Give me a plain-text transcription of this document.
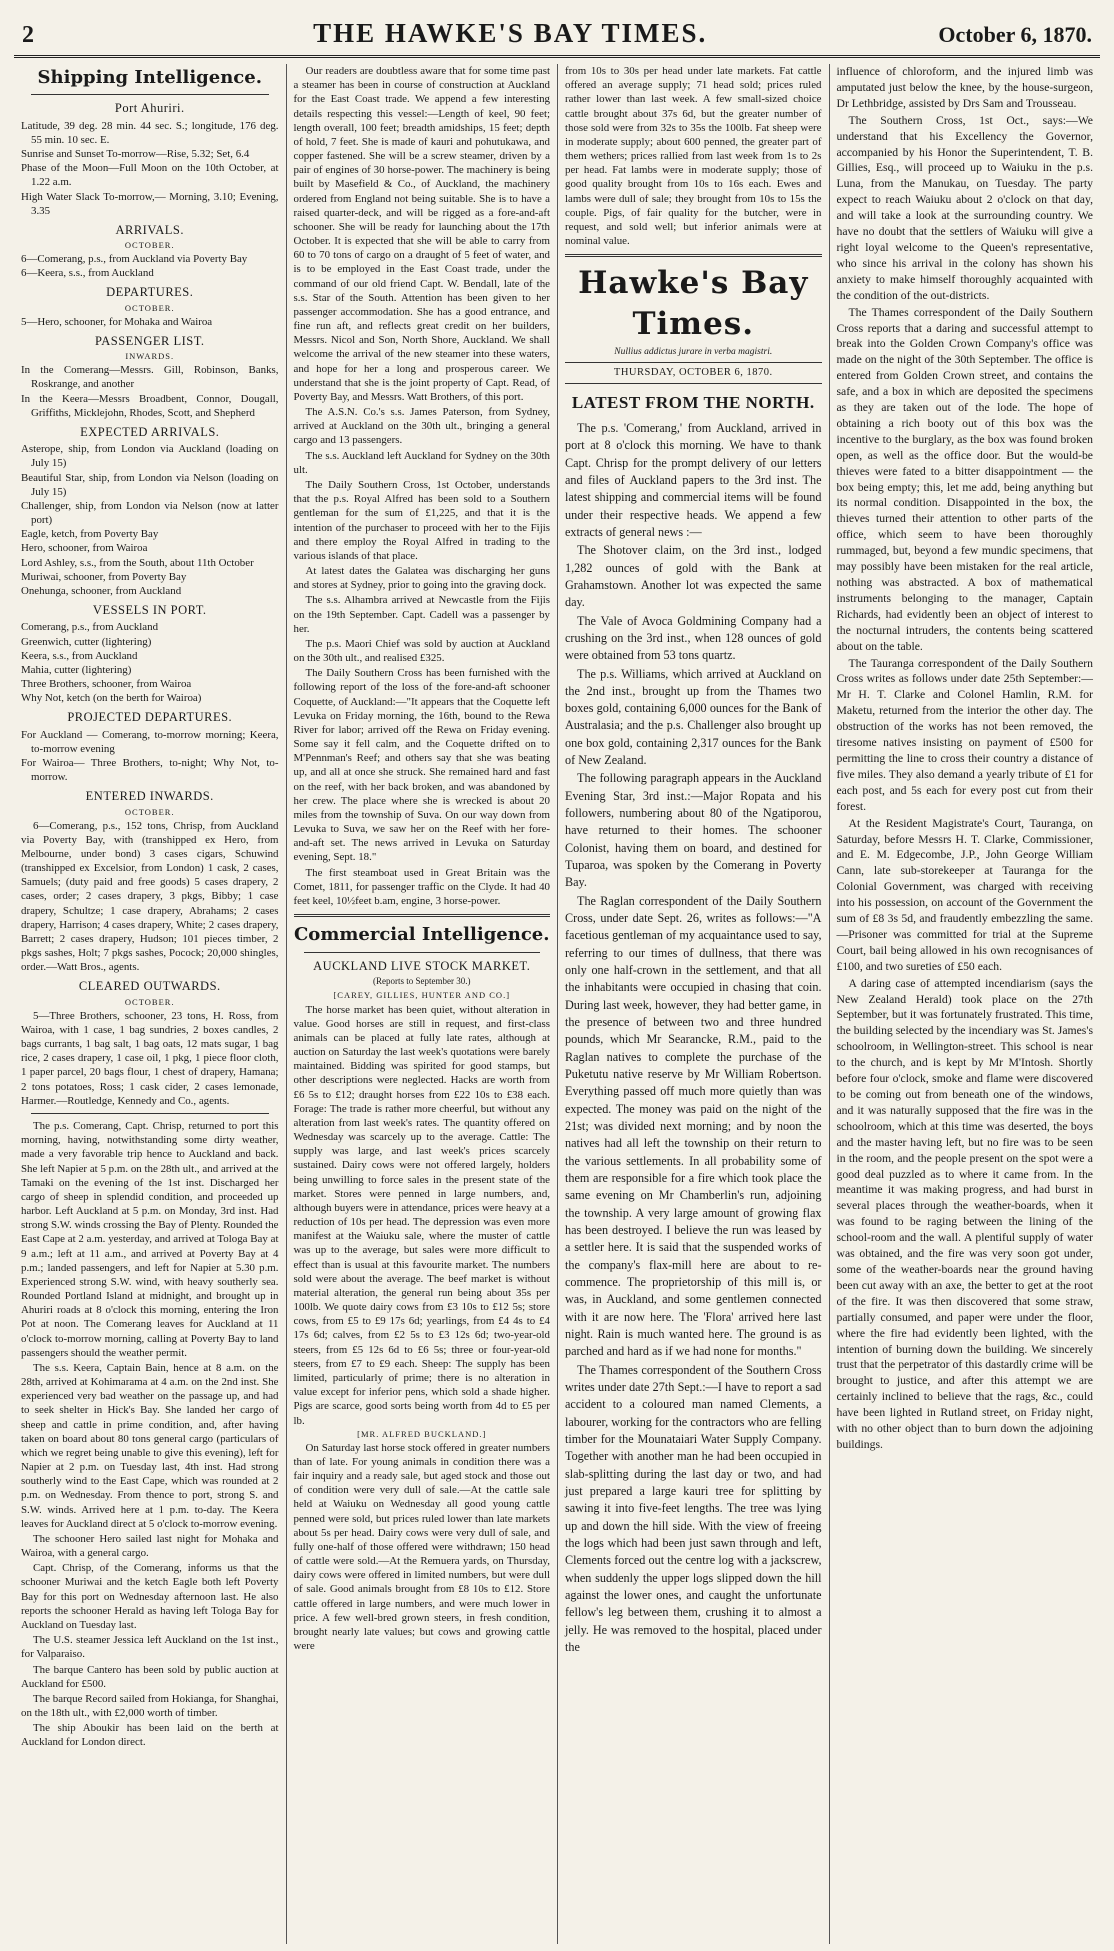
2	THE HAWKE'S BAY TIMES.	October 6, 1870.
Shipping Intelligence.
Port Ahuriri.
Latitude, 39 deg. 28 min. 44 sec. S.; longitude, 176 deg. 55 min. 10 sec. E.
Sunrise and Sunset To-morrow—Rise, 5.32; Set, 6.4
Phase of the Moon—Full Moon on the 10th October, at 1.22 a.m.
High Water Slack To-morrow,— Morning, 3.10; Evening, 3.35
ARRIVALS.
OCTOBER.
6—Comerang, p.s., from Auckland via Poverty Bay
6—Keera, s.s., from Auckland
DEPARTURES.
OCTOBER.
5—Hero, schooner, for Mohaka and Wairoa
PASSENGER LIST.
INWARDS.
In the Comerang—Messrs. Gill, Robinson, Banks, Roskrange, and another
In the Keera—Messrs Broadbent, Connor, Dougall, Griffiths, Micklejohn, Rhodes, Scott, and Shepherd
EXPECTED ARRIVALS.
Asterope, ship, from London via Auckland (loading on July 15)
Beautiful Star, ship, from London via Nelson (loading on July 15)
Challenger, ship, from London via Nelson (now at latter port)
Eagle, ketch, from Poverty Bay
Hero, schooner, from Wairoa
Lord Ashley, s.s., from the South, about 11th October
Muriwai, schooner, from Poverty Bay
Onehunga, schooner, from Auckland
VESSELS IN PORT.
Comerang, p.s., from Auckland
Greenwich, cutter (lightering)
Keera, s.s., from Auckland
Mahia, cutter (lightering)
Three Brothers, schooner, from Wairoa
Why Not, ketch (on the berth for Wairoa)
PROJECTED DEPARTURES.
For Auckland — Comerang, to-morrow morning; Keera, to-morrow evening
For Wairoa— Three Brothers, to-night; Why Not, to-morrow.
ENTERED INWARDS.
OCTOBER.

6—Comerang, p.s., 152 tons, Chrisp, from Auckland via Poverty Bay, with (transhipped ex Hero, from Melbourne, under bond) 3 cases cigars, Schuwind (transhipped ex Excelsior, from London) 1 cask, 2 cases, Samuels; (duty paid and free goods) 5 cases drapery, 2 cases, order; 2 cases drapery, 3 pkgs, Bibby; 1 case drapery, Schultze; 1 case drapery, Abrahams; 2 cases drapery, Harrison; 4 cases drapery, White; 2 cases drapery, Barrett; 2 cases drapery, Hudson; 101 pieces timber, 2 pkgs sashes, Holt; 7 pkgs sashes, Pocock; 20,000 shingles, order.—Watt Bros., agents.

CLEARED OUTWARDS.
OCTOBER.

5—Three Brothers, schooner, 23 tons, H. Ross, from Wairoa, with 1 case, 1 bag sundries, 2 boxes candles, 2 bags currants, 1 bag salt, 1 bag oats, 12 mats sugar, 1 bag rice, 2 cases drapery, 1 case oil, 1 pkg, 1 piece floor cloth, 1 paper parcel, 20 bags flour, 1 chest of drapery, Hamana; 2 tons potatoes, Ross; 1 cask cider, 2 cases lemonade, Harmer.—Routledge, Kennedy and Co., agents.

The p.s. Comerang, Capt. Chrisp, returned to port this morning, having, notwithstanding some dirty weather, made a very favorable trip hence to Auckland and back. She left Napier at 5 p.m. on the 28th ult., and arrived at the Tamaki on the evening of the 1st inst. Discharged her cargo of sheep in splendid condition, and proceeded up harbor. Left Auckland at 5 p.m. on Monday, 3rd inst. Had strong S.W. winds crossing the Bay of Plenty. Rounded the East Cape at 2 a.m. yesterday, and arrived at Tologa Bay at 9 a.m.; left at 11 a.m., and arrived at Poverty Bay at 4 p.m.; landed passengers, and left for Napier at 5.30 p.m. Experienced strong S.W. wind, with heavy southerly sea. Rounded Portland Island at midnight, and brought up in Ahuriri roads at 8 o'clock this morning, entering the Iron Pot at noon. The Comerang leaves for Auckland at 11 o'clock to-morrow morning, calling at Poverty Bay to land passengers should the weather permit.

The s.s. Keera, Captain Bain, hence at 8 a.m. on the 28th, arrived at Kohimarama at 4 a.m. on the 2nd inst. She experienced very bad weather on the passage up, and had to seek shelter in Hick's Bay. She landed her cargo of sheep and cattle in prime condition, and, after having taken on board about 80 tons general cargo (particulars of which we regret being unable to give this evening), left for Napier at 2 p.m. on Tuesday last, 4th inst. Had strong southerly wind to the East Cape, which was rounded at 2 p.m. on Wednesday. From thence to port, strong S. and S.W. winds. Arrived here at 1 p.m. to-day. The Keera leaves for Auckland direct at 5 o'clock to-morrow evening.

The schooner Hero sailed last night for Mohaka and Wairoa, with a general cargo.

Capt. Chrisp, of the Comerang, informs us that the schooner Muriwai and the ketch Eagle both left Poverty Bay for this port on Wednesday afternoon last. He also reports the schooner Herald as having left Tologa Bay for Auckland on Tuesday last.

The U.S. steamer Jessica left Auckland on the 1st inst., for Valparaiso.

The barque Cantero has been sold by public auction at Auckland for £500.

The barque Record sailed from Hokianga, for Shanghai, on the 18th ult., with £2,000 worth of timber.

The ship Aboukir has been laid on the berth at Auckland for London direct.

Our readers are doubtless aware that for some time past a steamer has been in course of construction at Auckland for the East Coast trade. We append a few interesting details respecting this vessel:—Length of keel, 90 feet; length overall, 100 feet; breadth amidships, 15 feet; depth of hold, 7 feet. She is made of kauri and pohutukawa, and copper fastened. She will be a screw steamer, driven by a pair of engines of 30 horse-power. The machinery is being built by Masefield & Co., of Auckland, the machinery ordered from England not being suitable. She is to have a raised quarter-deck, and will be rigged as a fore-and-aft schooner. She will be ready for launching about the 17th October. It is expected that she will be able to carry from 60 to 70 tons of cargo on a draught of 5 feet of water, and is to be employed in the East Coast trade, under the command of our old friend Capt. W. Bendall, late of the s.s. Star of the South. Attention has been given to her passenger accommodation. She has a good entrance, and fine run aft, and reflects great credit on her builders, Messrs. Nicol and Son, North Shore, Auckland. We shall welcome the arrival of the new steamer into these waters, and hope for her a long and prosperous career. We understand that she is the joint property of Capt. Read, of Poverty Bay, and Messrs. Watt Brothers, of this port.

The A.S.N. Co.'s s.s. James Paterson, from Sydney, arrived at Auckland on the 30th ult., bringing a general cargo and 13 passengers.

The s.s. Auckland left Auckland for Sydney on the 30th ult.

The Daily Southern Cross, 1st October, understands that the p.s. Royal Alfred has been sold to a Southern gentleman for the sum of £1,225, and that it is the intention of the purchaser to proceed with her to the Fijis and there employ the Royal Alfred in trading to the various islands of that place.

At latest dates the Galatea was discharging her guns and stores at Sydney, prior to going into the graving dock.

The s.s. Alhambra arrived at Newcastle from the Fijis on the 19th September. Capt. Cadell was a passenger by her.

The p.s. Maori Chief was sold by auction at Auckland on the 30th ult., and realised £325.

The Daily Southern Cross has been furnished with the following report of the loss of the fore-and-aft schooner Coquette, of Auckland:—"It appears that the Coquette left Levuka on Friday morning, the 16th, bound to the Rewa River for labor; arrived off the Rewa on Friday evening. Some say it fell calm, and the Coquette drifted on to M'Pennman's Reef; and others say that she was beating up, and all at once she struck. She remained hard and fast on the reef, with her back broken, and was abandoned by her crew. The place where she is wrecked is about 20 miles from the township of Suva. On our way down from Levuka to Suva, we saw her on the Reef with her fore-and-aft set. The news arrived in Levuka on Saturday evening, Sept. 18."

The first steamboat used in Great Britain was the Comet, 1811, for passenger traffic on the Clyde. It had 40 feet keel, 10½feet b.am, engine, 3 horse-power.

Commercial Intelligence.
AUCKLAND LIVE STOCK MARKET.
(Reports to September 30.)
[CAREY, GILLIES, HUNTER AND CO.]

The horse market has been quiet, without alteration in value. Good horses are still in request, and first-class animals can be placed at fully late rates, although at auction on Saturday the last week's quotations were barely maintained. Bidding was spirited for good stamps, but other descriptions were neglected. Hacks are worth from £6 5s to £12; draught horses from £22 10s to £38 each. Forage: The trade is rather more cheerful, but without any alteration from last week's rates. The quantity offered on Wednesday was scarcely up to the average. Cattle: The supply was large, and last week's prices scarcely sustained. Dairy cows were not offered largely, holders being unwilling to force sales in the present state of the market. Stores were penned in large numbers, and, although buyers were in attendance, prices were heavy at a reduction of 10s per head. The depression was even more manifest at the Waiuku sale, where the muster of cattle was up to the average, but sales were more difficult to effect than is usual at this favourite market. The numbers sold were about the average. The beef market is without material alteration, the general run being about 35s per 100lb. We quote dairy cows from £3 10s to £12 5s; store cows, from £5 to £9 17s 6d; yearlings, from £4 4s to £4 17s 6d; calves, from £2 5s to £3 12s 6d; two-year-old steers, from £5 12s 6d to £6 5s; three or four-year-old steers, from £7 to £9 each. Sheep: The supply has been limited, particularly of prime; there is no alteration in value except for inferior pens, which sold a shade higher. Pigs are scarce, good sorts being worth from 4d to £5 per lb.

[MR. ALFRED BUCKLAND.]

On Saturday last horse stock offered in greater numbers than of late. For young animals in condition there was a fair inquiry and a ready sale, but aged stock and those out of condition were very dull of sale.—At the cattle sale held at Waiuku on Wednesday all good young cattle penned were sold, but prices ruled lower than late markets about 5s per head. Dairy cows were very dull of sale, and fully one-half of those offered were withdrawn; 150 head of cattle were sold.—At the Remuera yards, on Thursday, dairy cows were offered in limited numbers, but were dull of sale. Good animals brought from £8 10s to £12. Store cattle offered in large numbers, and were much lower in price. A few well-bred grown steers, in fresh condition, brought nearly late values; but cows and growing cattle were

from 10s to 30s per head under late markets. Fat cattle offered an average supply; 71 head sold; prices ruled rather lower than last week. A few small-sized choice cattle brought about 37s 6d, but the greater number of those sold were from 32s to 35s the 100lb. Fat sheep were in moderate supply; about 600 penned, the greater part of them wethers; prices rallied from last week from 1s to 2s per head. Fat lambs were in moderate supply; those of good quality brought from 10s to 16s each. Ewes and lambs were dull of sale; they brought from 10s to 15s the couple. Pigs, of fair quality for the butcher, were in request, and sold well; but inferior animals were at nominal value.

Hawke's Bay Times.
Nullius addictus jurare in verba magistri.
THURSDAY, OCTOBER 6, 1870.
LATEST FROM THE NORTH.

The p.s. 'Comerang,' from Auckland, arrived in port at 8 o'clock this morning. We have to thank Capt. Chrisp for the prompt delivery of our letters and files of Auckland papers to the 3rd inst. The latest shipping and commercial items will be found under their respective heads. We append a few extracts of general news :—

The Shotover claim, on the 3rd inst., lodged 1,282 ounces of gold with the Bank at Grahamstown. Another lot was expected the same day.

The Vale of Avoca Goldmining Company had a crushing on the 3rd inst., when 128 ounces of gold were obtained from 53 tons quartz.

The p.s. Williams, which arrived at Auckland on the 2nd inst., brought up from the Thames two boxes gold, containing 6,000 ounces for the Bank of Australasia; and the p.s. Challenger also brought up one box gold, containing 2,317 ounces for the Bank of New Zealand.

The following paragraph appears in the Auckland Evening Star, 3rd inst.:—Major Ropata and his followers, numbering about 80 of the Ngatiporou, have returned to their homes. The schooner Colonist, having them on board, and destined for Tuparoa, was spoken by the Comerang in Poverty Bay.

The Raglan correspondent of the Daily Southern Cross, under date Sept. 26, writes as follows:—"A facetious gentleman of my acquaintance used to say, referring to our times of dullness, that there was only one half-crown in the settlement, and that all the inhabitants were occupied in chasing that coin. During last week, however, they had better game, in the presence of between two and three hundred pounds, which Mr Searancke, R.M., paid to the Raglan natives to complete the purchase of the Puketutu native reserve by Mr William Robertson. Everything passed off much more quietly than was expected. The money was paid on the night of the 21st; was divided next morning; and by noon the natives had all left the township on their return to the various settlements. In all probability some of them are responsible for a fire which took place the same evening on Mr Chamberlin's run, adjoining the township. A very large amount of growing flax has been destroyed. I believe the run was leased by a settler here. It is said that the suspended works of the company's flax-mill here are about to re-commence. The proprietorship of this mill is, or was, in Auckland, and some gentlemen connected with it are now here. The 'Flora' arrived here last night. Rain is much wanted here. The ground is as parched and hard as if we had none for months."

The Thames correspondent of the Southern Cross writes under date 27th Sept.:—I have to report a sad accident to a coloured man named Clements, a labourer, working for the contractors who are felling timber for the Mounataiari Water Supply Company. Together with another man he had been occupied in slab-splitting during the last day or two, and had just prepared a large kauri tree for splitting by sawing it into five-feet lengths. The tree was lying up and down the hill side. With the view of freeing the logs which had been just sawn through and left, Clements forced out the centre log with a jackscrew, when suddenly the upper logs slipped down the hill against the lower ones, and caught the unfortunate fellow's leg between them, crushing it to almost a jelly. He was removed to the hospital, placed under the

influence of chloroform, and the injured limb was amputated just below the knee, by the house-surgeon, Dr Lethbridge, assisted by Drs Sam and Trousseau.

The Southern Cross, 1st Oct., says:—We understand that his Excellency the Governor, accompanied by his Honor the Superintendent, T. B. Gillies, Esq., will proceed up to Waiuku in the p.s. Luna, from the Manukau, on Tuesday. The party expect to reach Waiuku about 2 o'clock on that day, and will take a look at the surrounding country. We have no doubt that the settlers of Waiuku will give a right loyal welcome to the Queen's representative, who since his arrival in the colony has shown his anxiety to make himself thoroughly acquainted with the condition of the out-districts.

The Thames correspondent of the Daily Southern Cross reports that a daring and successful attempt to break into the Golden Crown Company's office was made on the night of the 30th September. The office is entered from Golden Crown street, and contains the safe, and a box in which are deposited the specimens as they are taken out of the lode. The hope of obtaining a rich booty out of this box was the incentive to the burglary, as the box was found broken open, as well as the office door. But the would-be thieves were fated to a bitter disappointment — the box being empty; this, let me add, being anything but its normal condition. Disappointed in the box, the thieves turned their attention to other parts of the office, which seem to have been thoroughly rummaged, but, beyond a few mundic specimens, that may possibly have been mistaken for the real article, nothing was abstracted. A box of mathematical instruments belonging to the manager, Captain Richards, had evidently been an object of interest to the nocturnal intruders, the contents being scattered about on the table.

The Tauranga correspondent of the Daily Southern Cross writes as follows under date 25th September:—Mr H. T. Clarke and Colonel Hamlin, R.M. for Maketu, returned from the interior the other day. The obstruction of the works has not been removed, the tiresome natives insisting on payment of £500 for permitting the line to cross their country a distance of five miles. They also demand a yearly tribute of £1 for each post, and 5s each for every post cut from their forest.

At the Resident Magistrate's Court, Tauranga, on Saturday, before Messrs H. T. Clarke, Commissioner, and E. M. Edgecombe, J.P., John George William Cann, late sub-storekeeper at Tauranga for the Colonial Government, was charged with receiving into his possession, on account of the Government the sum of £8 3s 5d, and fraudently embezzling the same.—Prisoner was committed for trial at the Supreme Court, bail being allowed in his own recognisances of £100, and two sureties of £50 each.

A daring case of attempted incendiarism (says the New Zealand Herald) took place on the 27th September, but it was fortunately frustrated. This time, the building selected by the incendiary was St. James's schoolroom, in Wellington-street. This school is near to the church, and is kept by Mr M'Intosh. Shortly before four o'clock, smoke and flame were discovered to be coming out from beneath one of the windows, and it was naturally supposed that the fire was in the schoolroom, which at this time was deserted, the boys and the master having left, but no fire was to be seen in the room, and the people present on the spot were a good deal puzzled as to where it came from. In the meantime it was making progress, and had burst in several places through the weather-boards, when it was found to be raging between the lining of the school-room and the wall. A plentiful supply of water was obtained, and the fire was very soon got under, some of the weather-boards near the ground having been cut away with an axe, the better to get at the root of the fire. It was then discovered that some straw, partially consumed, and paper were under the floor, where the fire had evidently been lighted, with the intention of burning down the building. We sincerely trust that the perpetrator of this dastardly crime will be brought to justice, and after this attempt we are certainly inclined to believe that the rags, &c., could have been lighted in Rutland street, on Friday night, with no other object than to burn down the adjoining buildings.
